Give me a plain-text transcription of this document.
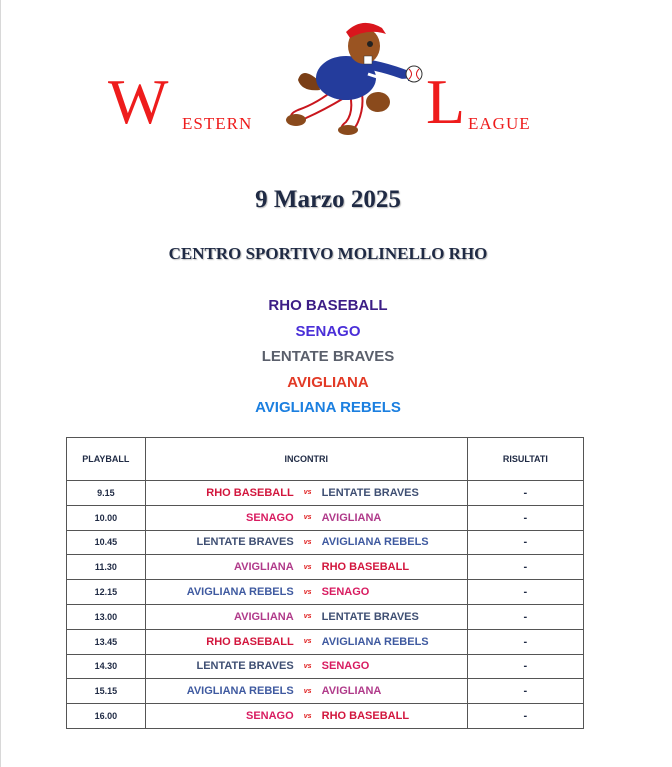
W ESTERN	L EAGUE
9 Marzo 2025
CENTRO SPORTIVO MOLINELLO RHO
RHO BASEBALL
SENAGO
LENTATE BRAVES
AVIGLIANA
AVIGLIANA REBELS
PLAYBALL	INCONTRI	RISULTATI
9.15	RHO BASEBALL vs LENTATE BRAVES	-
10.00	SENAGO vs AVIGLIANA	-
10.45	LENTATE BRAVES vs AVIGLIANA REBELS	-
11.30	AVIGLIANA vs RHO BASEBALL	-
12.15	AVIGLIANA REBELS vs SENAGO	-
13.00	AVIGLIANA vs LENTATE BRAVES	-
13.45	RHO BASEBALL vs AVIGLIANA REBELS	-
14.30	LENTATE BRAVES vs SENAGO	-
15.15	AVIGLIANA REBELS vs AVIGLIANA	-
16.00	SENAGO vs RHO BASEBALL	-
